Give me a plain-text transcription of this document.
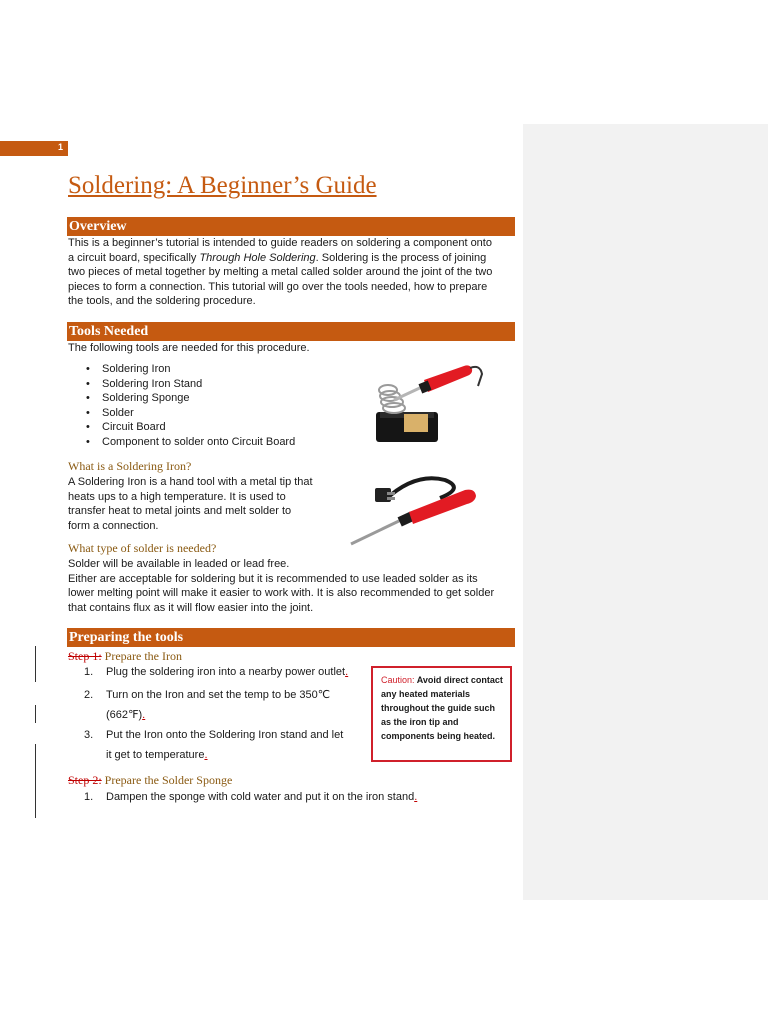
1
Soldering: A Beginner’s Guide
Overview

This is a beginner’s tutorial is intended to guide readers on soldering a component onto

a circuit board, specifically Through Hole Soldering. Soldering is the process of joining

two pieces of metal together by melting a metal called solder around the joint of the two

pieces to form a connection. This tutorial will go over the tools needed, how to prepare

the tools, and the soldering procedure.

Tools Needed
The following tools are needed for this procedure.
• Soldering Iron
• Soldering Iron Stand
• Soldering Sponge
• Solder
• Circuit Board
• Component to solder onto Circuit Board
What is a Soldering Iron?

A Soldering Iron is a hand tool with a metal tip that

heats ups to a high temperature. It is used to

transfer heat to metal joints and melt solder to

form a connection.

What type of solder is needed?

Solder will be available in leaded or lead free.

Either are acceptable for soldering but it is recommended to use leaded solder as its

lower melting point will make it easier to work with. It is also recommended to get solder

that contains flux as it will flow easier into the joint.

Preparing the tools
Step 1: Prepare the Iron
1. Plug the soldering iron into a nearby power outlet.
2. Turn on the Iron and set the temp to be 350℃
(662℉).
3. Put the Iron onto the Soldering Iron stand and let
it get to temperature.
Step 2: Prepare the Solder Sponge
1. Dampen the sponge with cold water and put it on the iron stand.
Caution: Avoid direct contact any heated materials throughout the guide such as the iron tip and components being heated.
